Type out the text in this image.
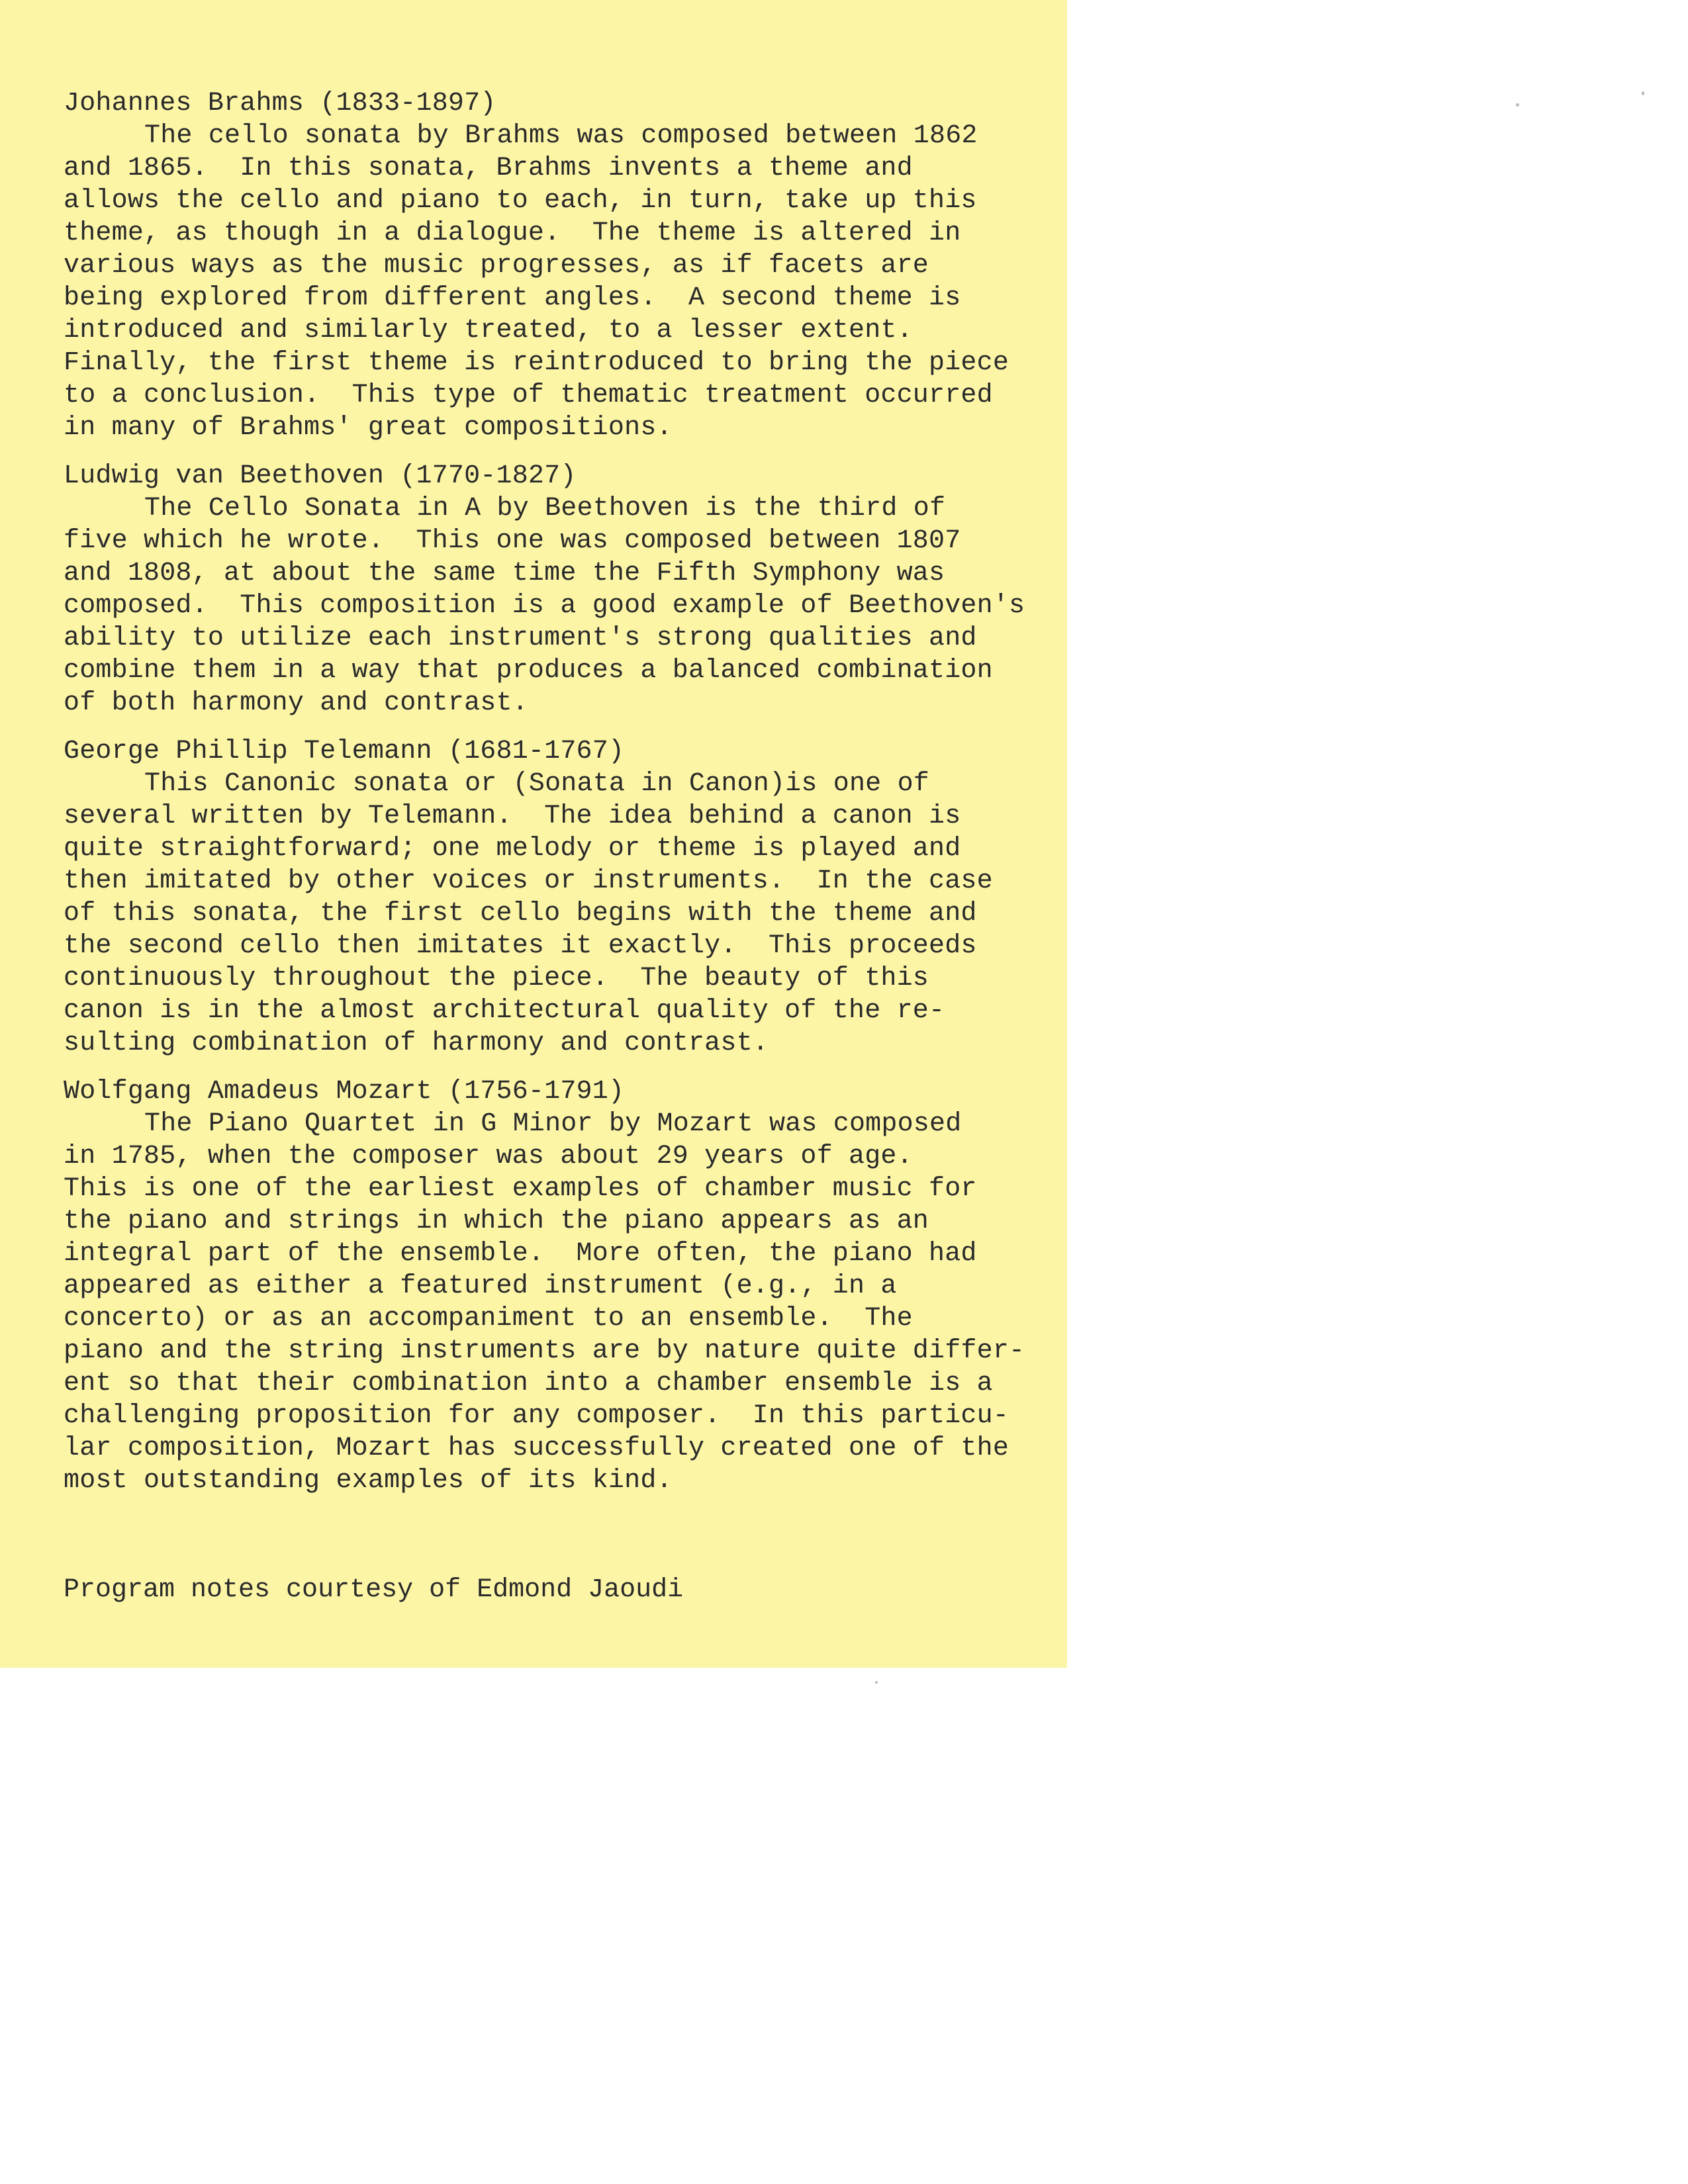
Johannes Brahms (1833-1897)
The cello sonata by Brahms was composed between 1862
and 1865.  In this sonata, Brahms invents a theme and
allows the cello and piano to each, in turn, take up this
theme, as though in a dialogue.  The theme is altered in
various ways as the music progresses, as if facets are
being explored from different angles.  A second theme is
introduced and similarly treated, to a lesser extent.
Finally, the first theme is reintroduced to bring the piece
to a conclusion.  This type of thematic treatment occurred
in many of Brahms' great compositions.
Ludwig van Beethoven (1770-1827)
The Cello Sonata in A by Beethoven is the third of
five which he wrote.  This one was composed between 1807
and 1808, at about the same time the Fifth Symphony was
composed.  This composition is a good example of Beethoven's
ability to utilize each instrument's strong qualities and
combine them in a way that produces a balanced combination
of both harmony and contrast.
George Phillip Telemann (1681-1767)
This Canonic sonata or (Sonata in Canon)is one of
several written by Telemann.  The idea behind a canon is
quite straightforward; one melody or theme is played and
then imitated by other voices or instruments.  In the case
of this sonata, the first cello begins with the theme and
the second cello then imitates it exactly.  This proceeds
continuously throughout the piece.  The beauty of this
canon is in the almost architectural quality of the re-
sulting combination of harmony and contrast.
Wolfgang Amadeus Mozart (1756-1791)
The Piano Quartet in G Minor by Mozart was composed
in 1785, when the composer was about 29 years of age.
This is one of the earliest examples of chamber music for
the piano and strings in which the piano appears as an
integral part of the ensemble.  More often, the piano had
appeared as either a featured instrument (e.g., in a
concerto) or as an accompaniment to an ensemble.  The
piano and the string instruments are by nature quite differ-
ent so that their combination into a chamber ensemble is a
challenging proposition for any composer.  In this particu-
lar composition, Mozart has successfully created one of the
most outstanding examples of its kind.
Program notes courtesy of Edmond Jaoudi
